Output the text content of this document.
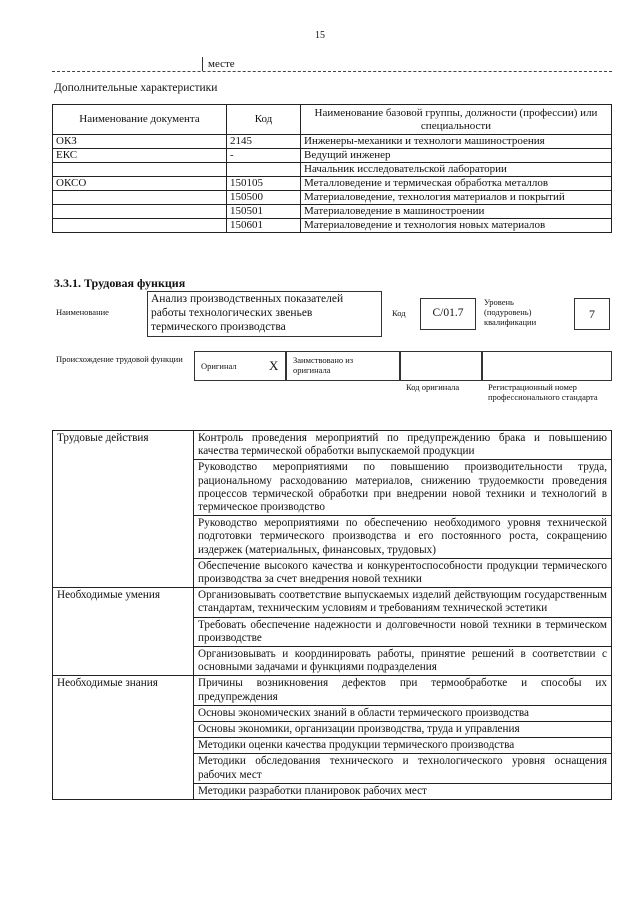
15
месте
Дополнительные характеристики
Наименование документа	Код	Наименование базовой группы, должности (профессии) или специальности
ОКЗ	2145	Инженеры-механики и технологи машиностроения
ЕКС	-	Ведущий инженер
		Начальник исследовательской лаборатории
ОКСО	150105	Металловедение и термическая обработка металлов
	150500	Материаловедение, технология материалов и покрытий
	150501	Материаловедение в машиностроении
	150601	Материаловедение и технология новых материалов
3.3.1. Трудовая функция
Наименование
Анализ производственных показателей работы технологических звеньев термического производства
Код	C/01.7
Уровень (подуровень) квалификации
7
Происхождение трудовой функции
Оригинал X Заимствовано из оригинала
Код оригинала	Регистрационный номер профессионального стандарта
Трудовые действия	Контроль проведения мероприятий по предупреждению брака и повышению качества термической обработки выпускаемой продукции
	Руководство мероприятиями по повышению производительности труда, рациональному расходованию материалов, снижению трудоемкости проведения процессов термической обработки при внедрении новой техники и технологий в термическое производство
	Руководство мероприятиями по обеспечению необходимого уровня технической подготовки термического производства и его постоянного роста, сокращению издержек (материальных, финансовых, трудовых)
	Обеспечение высокого качества и конкурентоспособности продукции термического производства за счет внедрения новой техники
Необходимые умения	Организовывать соответствие выпускаемых изделий действующим государственным стандартам, техническим условиям и требованиям технической эстетики
	Требовать обеспечение надежности и долговечности новой техники в термическом производстве
	Организовывать и координировать работы, принятие решений в соответствии с основными задачами и функциями подразделения
Необходимые знания	Причины возникновения дефектов при термообработке и способы их предупреждения
	Основы экономических знаний в области термического производства
	Основы экономики, организации производства, труда и управления
	Методики оценки качества продукции термического производства
	Методики обследования технического и технологического уровня оснащения рабочих мест
	Методики разработки планировок рабочих мест
